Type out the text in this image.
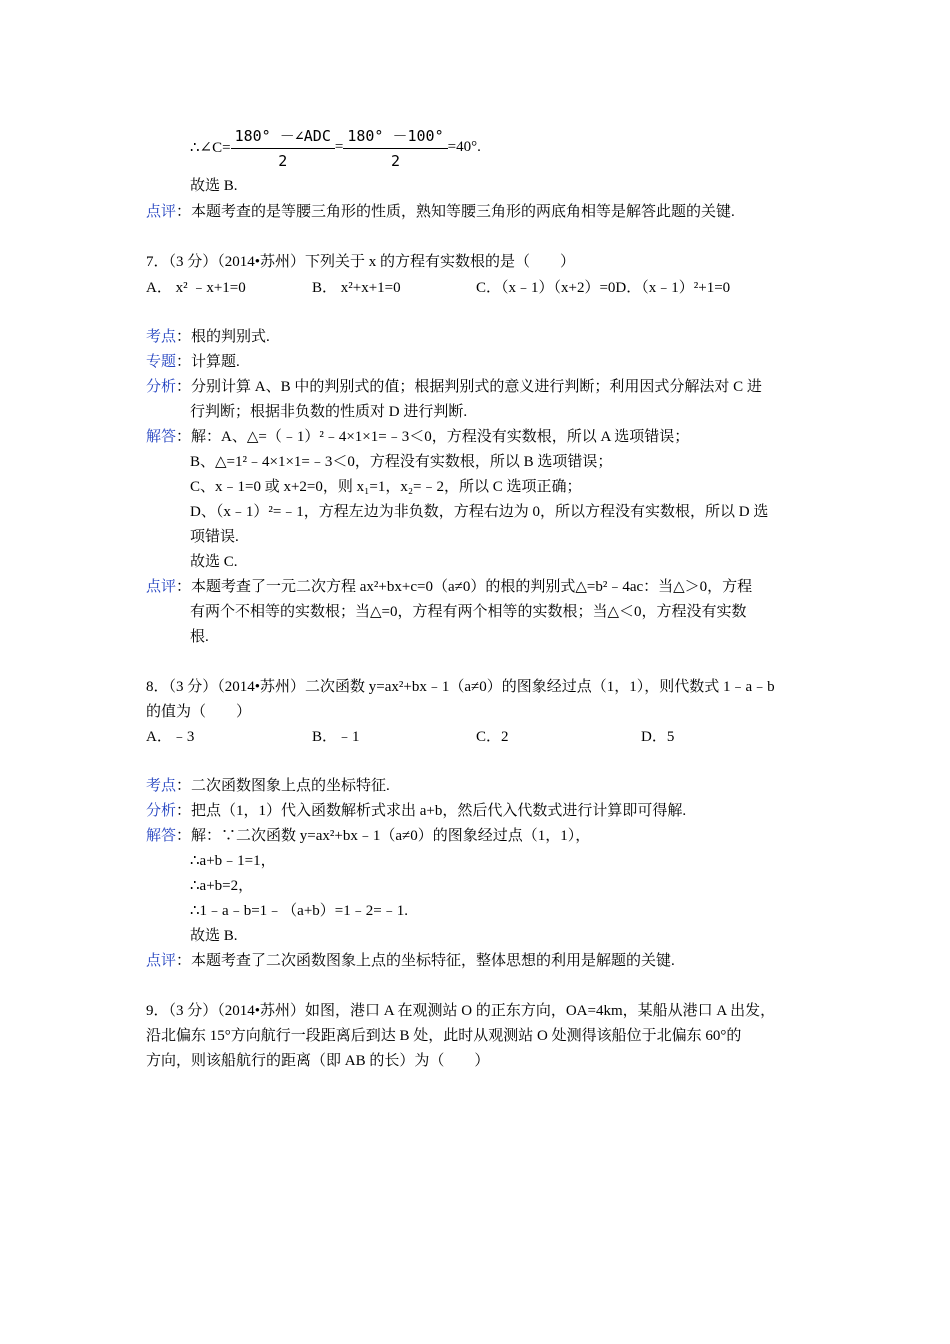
∴∠C= $\frac{\text{180° －∠ADC}}{2} = \frac{180^\circ -100^\circ}{2} =40^\circ$.
故选 B.
点评 ：本题考查的是等腰三角形的性质，熟知等腰三角形的两底角相等是解答此题的关键.
7．（3 分）（2014•苏州）下列关于 x 的方程有实数根的是（　　）
A． x² ﹣x+1=0	B． x²+x+1=0	C．（x﹣1）（x+2）=0D．（x﹣1）²+1=0
考点 ：根的判别式.
专题 ：计算题.
分析 ：分别计算 A、B 中的判别式的值；根据判别式的意义进行判断；利用因式分解法对 C 进
行判断；根据非负数的性质对 D 进行判断.
解答 ：解：A、△=（﹣1）²﹣4×1×1=﹣3＜0，方程没有实数根，所以 A 选项错误；
B、△=1²﹣4×1×1=﹣3＜0，方程没有实数根，所以 B 选项错误；
C、x﹣1=0 或 x+2=0，则 x₁=1，x₂=﹣2，所以 C 选项正确；
D、（x﹣1）²=﹣1，方程左边为非负数，方程右边为 0，所以方程没有实数根，所以 D 选
项错误.
故选 C.
点评 ：本题考查了一元二次方程 ax²+bx+c=0（a≠0）的根的判别式△=b²﹣4ac：当△＞0，方程
有两个不相等的实数根；当△=0，方程有两个相等的实数根；当△＜0，方程没有实数
根.
8．（3 分）（2014•苏州）二次函数 y=ax²+bx﹣1（a≠0）的图象经过点（1，1），则代数式 1﹣a﹣b
的值为（　　）
A．﹣3	B．﹣1	C．2	D．5
考点 ：二次函数图象上点的坐标特征.
分析 ：把点（1，1）代入函数解析式求出 a+b，然后代入代数式进行计算即可得解.
解答 ：解：∵二次函数 y=ax²+bx﹣1（a≠0）的图象经过点（1，1），
∴a+b﹣1=1，
∴a+b=2，
∴1﹣a﹣b=1﹣（a+b）=1﹣2=﹣1.
故选 B.
点评 ：本题考查了二次函数图象上点的坐标特征，整体思想的利用是解题的关键.
9．（3 分）（2014•苏州）如图，港口 A 在观测站 O 的正东方向，OA=4km，某船从港口 A 出发，
沿北偏东 15°方向航行一段距离后到达 B 处，此时从观测站 O 处测得该船位于北偏东 60°的
方向，则该船航行的距离（即 AB 的长）为（　　）
